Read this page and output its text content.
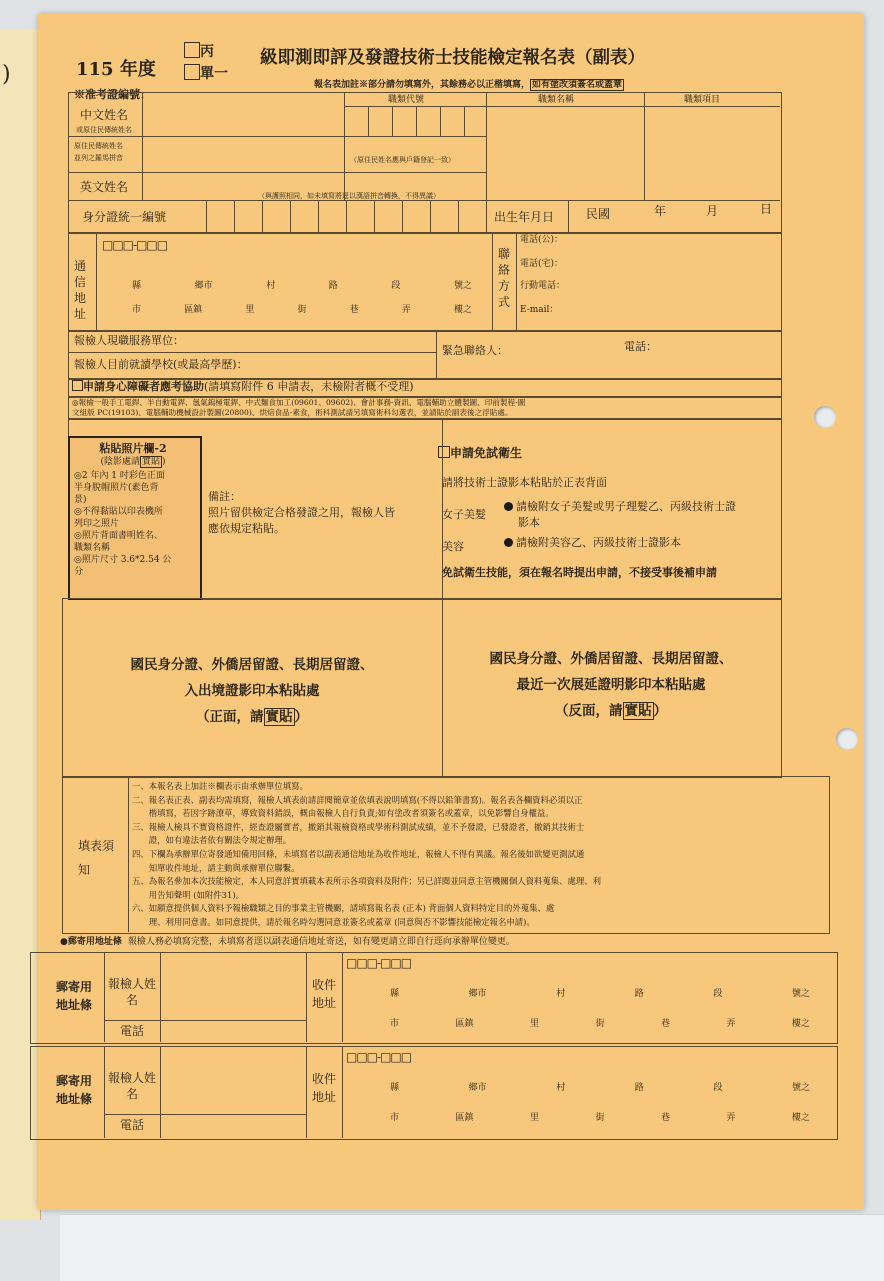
)	115 年度
丙
單一
級即測即評及發證技術士技能檢定報名表（副表）
報名表加註※部分請勿填寫外，其餘務必以正楷填寫， 如有塗改須簽名或蓋章
※准考證編號：	職類代號	職類名稱	職類項目
中文姓名
或原住民傳統姓名
原住民傳統姓名
並列之羅馬拼音	（原住民姓名應與戶籍登記一致）
英文姓名
（與護照相同，如未填寫將逕以漢語拼音轉換，不得異議）
身分證統一編號	出生年月日	民國	年	月	日
通信地址
□□□-□□□
縣	鄉市	村	路	段	號之
市	區鎮	里	街	巷	弄	樓之
聯絡方式
電話(公)：
電話(宅)：
行動電話：
E-mail：
報檢人現職服務單位：
報檢人目前就讀學校(或最高學歷)：
緊急聯絡人：	電話：
申請身心障礙者應考協助(請填寫附件 6 申請表，未檢附者概不受理)
◎報檢一般手工電銲、半自動電銲、氬氣鎢極電銲、中式麵食加工(09601、09602)、會計事務-資訊、電腦輔助立體製圖、印前製程-圖
文組版 PC(19103)、電腦輔助機械設計製圖(20800)、烘焙食品-素食，術科測試請另填寫術科勾選表，並請貼於副表後之浮貼處。
粘貼照片欄-2
(陰影處請 實貼 )
◎2 年內 1 吋彩色正面
半身脫帽照片(素色背
景)
◎不得黏貼以印表機所
列印之照片
◎照片背面書明姓名、
職類名稱
◎照片尺寸 3.6*2.54 公
分
備註：
照片留供檢定合格發證之用，報檢人皆
應依規定粘貼。
申請免試衛生
請將技術士證影本粘貼於正表背面
女子美髮
請檢附女子美髮或男子理髮乙、丙級技術士證
影本
美容	請檢附美容乙、丙級技術士證影本
免試衛生技能，須在報名時提出申請，不接受事後補申請
國民身分證、外僑居留證、長期居留證、
入出境證影印本粘貼處
（正面，請 實貼 ）
國民身分證、外僑居留證、長期居留證、
最近一次展延證明影印本粘貼處
（反面，請 實貼 ）
填表須知
一、本報名表上加註※欄表示由承辦單位填寫。
二、報名表正表、副表均需填寫，報檢人填表前請詳閱簡章並依填表說明填寫(不得以鉛筆書寫)。報名表各欄資料必須以正
　　楷填寫，若因字跡潦草，導致資料錯誤，概由報檢人自行負責;如有塗改者須簽名或蓋章，以免影響自身權益。
三、報檢人檢具不實資格證件，經查證屬實者，撤銷其報檢資格或學術科測試成績，並不予發證，已發證者，撤銷其技術士
　　證，如有違法者依有關法令規定辦理。
四、下欄為承辦單位寄發通知備用回條，未填寫者以副表通信地址為收件地址，報檢人不得有異議。報名後如欲變更測試通
　　知單收件地址，請主動與承辦單位聯繫。
五、為報名參加本次技能檢定，本人同意詳實填載本表所示各項資料及附件；另已詳閱並同意主管機關個人資料蒐集、處理、利
　　用告知聲明 (如附件31)。
六、如願意提供個人資料予報檢職類之目的事業主管機關，請填寫報名表 (正本) 背面個人資料特定目的外蒐集、處
　　理、利用同意書。如同意提供，請於報名時勾選同意並簽名或蓋章 (同意與否不影響技能檢定報名申請)。
●郵寄用地址條 報檢人務必填寫完整，未填寫者逕以副表通信地址寄送，如有變更請立即自行逕向承辦單位變更。
郵寄用地址條
報檢人姓名
電話
收件地址
□□□-□□□
縣	鄉市	村	路	段	號之
市	區鎮	里	街	巷	弄	樓之
郵寄用地址條
報檢人姓名
電話
收件地址
□□□-□□□
縣	鄉市	村	路	段	號之
市	區鎮	里	街	巷	弄	樓之
